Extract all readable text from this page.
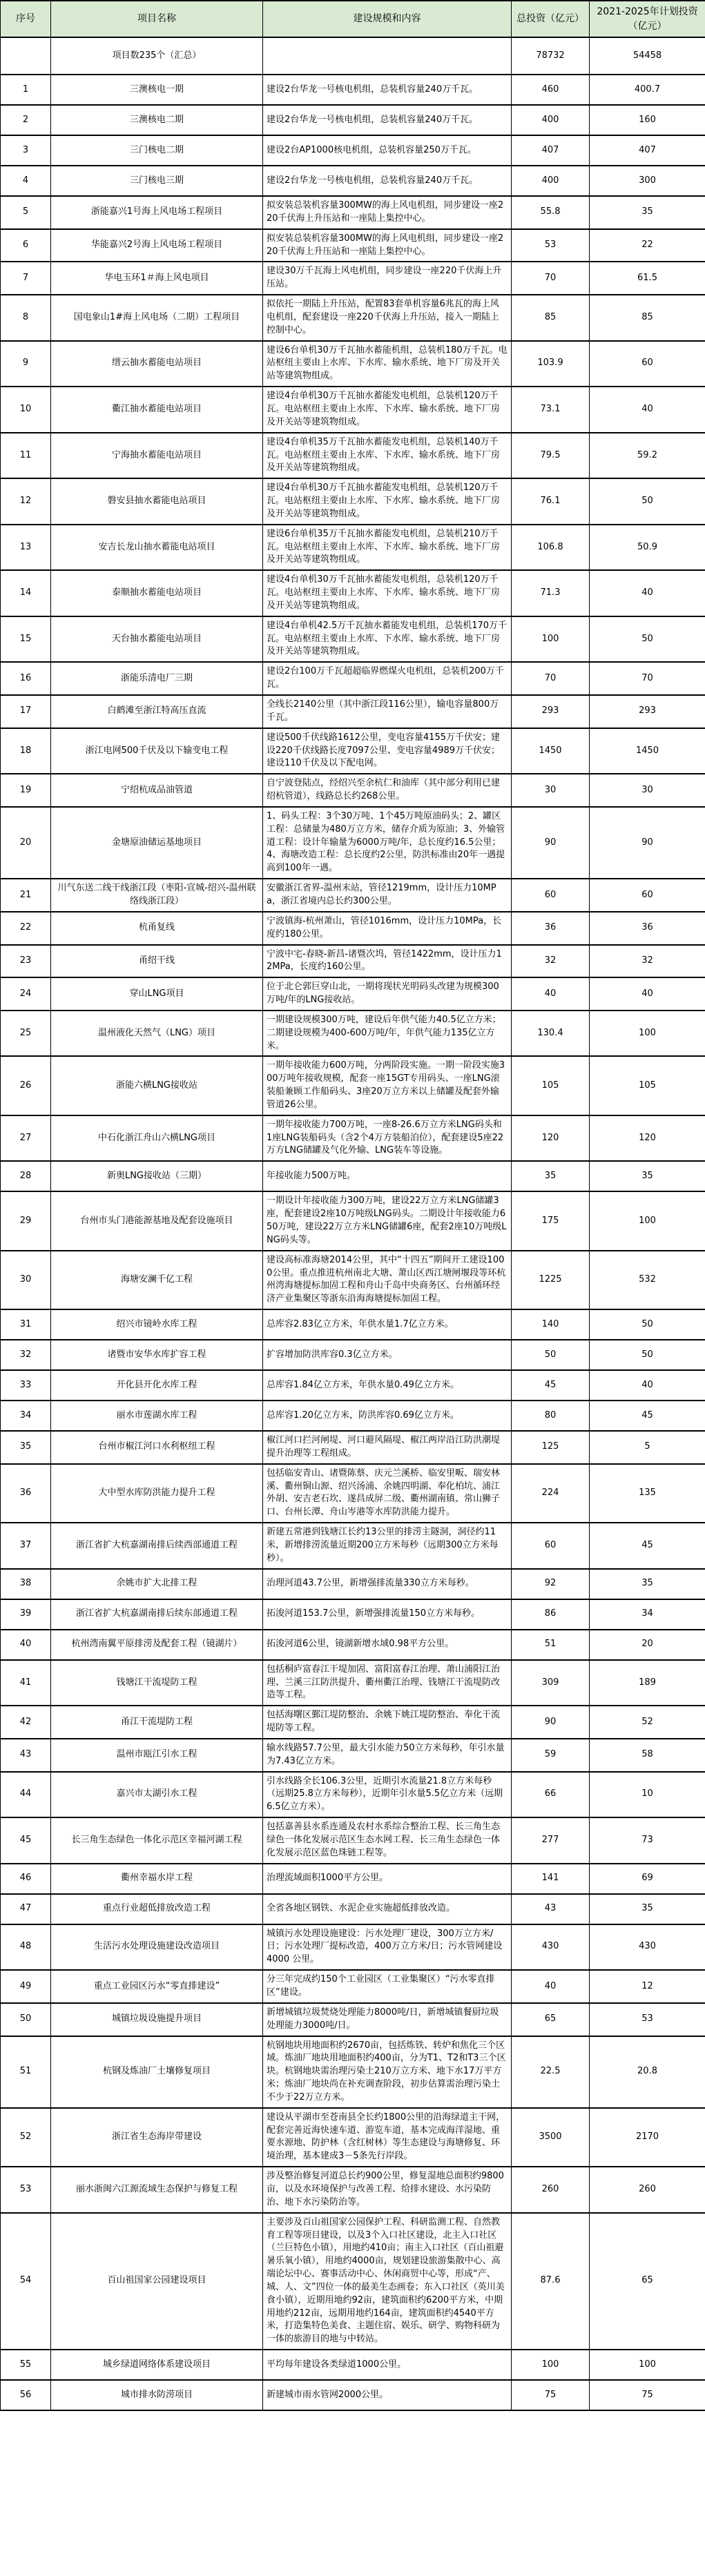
序号	项目名称	建设规模和内容	总投资（亿元）	2021-2025年计划投资（亿元）
	项目数235个（汇总）		78732	54458
1	三澳核电一期	建设2台华龙一号核电机组，总装机容量240万千瓦。	460	400.7
2	三澳核电二期	建设2台华龙一号核电机组，总装机容量240万千瓦。	400	160
3	三门核电二期	建设2台AP1000核电机组，总装机容量250万千瓦。	407	407
4	三门核电三期	建设2台华龙一号核电机组，总装机容量240万千瓦。	400	300
5	浙能嘉兴1号海上风电场工程项目	拟安装总装机容量300MW的海上风电机组，同步建设一座220千伏海上升压站和一座陆上集控中心。	55.8	35
6	华能嘉兴2号海上风电场工程项目	拟安装总装机容量300MW的海上风电机组，同步建设一座220千伏海上升压站和一座陆上集控中心。	53	22
7	华电玉环1＃海上风电项目	建设30万千瓦海上风电机组，同步建设一座220千伏海上升压站。	70	61.5
8	国电象山1#海上风电场（二期）工程项目	拟依托一期陆上升压站，配置83套单机容量6兆瓦的海上风电机组，配套建设一座220千伏海上升压站，接入一期陆上控制中心。	85	85
9	缙云抽水蓄能电站项目	建设6台单机30万千瓦抽水蓄能机组，总装机180万千瓦。电站枢纽主要由上水库、下水库、输水系统、地下厂房及开关站等建筑物组成。	103.9	60
10	衢江抽水蓄能电站项目	建设4台单机30万千瓦抽水蓄能发电机组，总装机120万千瓦。电站枢纽主要由上水库、下水库、输水系统、地下厂房及开关站等建筑物组成。	73.1	40
11	宁海抽水蓄能电站项目	建设4台单机35万千瓦抽水蓄能发电机组，总装机140万千瓦。电站枢纽主要由上水库、下水库、输水系统、地下厂房及开关站等建筑物组成。	79.5	59.2
12	磐安县抽水蓄能电站项目	建设4台单机30万千瓦抽水蓄能发电机组，总装机120万千瓦。电站枢纽主要由上水库、下水库、输水系统、地下厂房及开关站等建筑物组成。	76.1	50
13	安吉长龙山抽水蓄能电站项目	建设6台单机35万千瓦抽水蓄能发电机组，总装机210万千瓦。电站枢纽主要由上水库、下水库、输水系统、地下厂房及开关站等建筑物组成。	106.8	50.9
14	泰顺抽水蓄能电站项目	建设4台单机30万千瓦抽水蓄能发电机组，总装机120万千瓦。电站枢纽主要由上水库、下水库、输水系统、地下厂房及开关站等建筑物组成。	71.3	40
15	天台抽水蓄能电站项目	建设4台单机42.5万千瓦抽水蓄能发电机组，总装机170万千瓦。电站枢纽主要由上水库、下水库、输水系统、地下厂房及开关站等建筑物组成。	100	50
16	浙能乐清电厂三期	建设2台100万千瓦超超临界燃煤火电机组，总装机200万千瓦。	70	70
17	白鹤滩至浙江特高压直流	全线长2140公里（其中浙江段116公里），输电容量800万千瓦。	293	293
18	浙江电网500千伏及以下输变电工程	建设500千伏线路1612公里，变电容量4155万千伏安；建设220千伏线路长度7097公里、变电容量4989万千伏安；建设110千伏及以下配电网。	1450	1450
19	宁绍杭成品油管道	自宁波登陆点，经绍兴至余杭仁和油库（其中部分利用已建绍杭管道），线路总长约268公里。	30	30
20	金塘原油储运基地项目	1、码头工程：3个30万吨、1个45万吨原油码头；2、罐区工程：总储量为480万立方米，储存介质为原油；3、外输管道工程：设计年输量为6000万吨/年，总长度约16.5公里；4、海塘改造工程：总长度约2公里，防洪标准由20年一遇提高到100年一遇。	90	90
21	川气东送二线干线浙江段（枣阳-宣城-绍兴-温州联络线浙江段）	安徽浙江省界-温州末站，管径1219mm，设计压力10MPa，浙江省境内总长约300公里。	60	60
22	杭甬复线	宁波镇海-杭州萧山，管径1016mm，设计压力10MPa，长度约180公里。	36	36
23	甬绍干线	宁波中宅-春晓-新昌-诸暨次坞，管径1422mm，设计压力12MPa，长度约160公里。	32	32
24	穿山LNG项目	位于北仑郭巨穿山北，一期将现状光明码头改建为规模300万吨/年的LNG接收站。	40	40
25	温州液化天然气（LNG）项目	一期建设规模300万吨，建设后年供气能力40.5亿立方米；二期建设规模为400-600万吨/年，年供气能力135亿立方米。	130.4	100
26	浙能六横LNG接收站	一期年接收能力600万吨，分两阶段实施。一期一阶段实施300万吨年接收规模，配套一座15GT专用码头、一座LNG滚装船兼顾工作船码头、3座20万立方米以上储罐及配套外输管道26公里。	105	105
27	中石化浙江舟山六横LNG项目	一期年接收能力700万吨，一座8-26.6万立方米LNG码头和1座LNG装船码头（含2个4万方装船泊位），配套建设5座22万方LNG储罐及气化外输、LNG装车等设施。	120	120
28	新奥LNG接收站（三期）	年接收能力500万吨。	35	35
29	台州市头门港能源基地及配套设施项目	一期设计年接收能力300万吨，建设22万立方米LNG储罐3座，配套建设2座10万吨级LNG码头。二期设计年接收能力650万吨，建设22万立方米LNG储罐6座，配套2座10万吨级LNG码头等。	175	100
30	海塘安澜千亿工程	建设高标准海塘2014公里，其中“十四五”期间开工建设1000公里。重点推进杭州南北大塘、萧山区西江塘闸堰段等环杭州湾海塘提标加固工程和舟山千岛中央商务区、台州循环经济产业集聚区等浙东沿海海塘提标加固工程。	1225	532
31	绍兴市镜岭水库工程	总库容2.83亿立方米，年供水量1.7亿立方米。	140	50
32	诸暨市安华水库扩容工程	扩容增加防洪库容0.3亿立方米。	50	50
33	开化县开化水库工程	总库容1.84亿立方米，年供水量0.49亿立方米。	45	40
34	丽水市莲湖水库工程	总库容1.20亿立方米，防洪库容0.69亿立方米。	80	45
35	台州市椒江河口水利枢纽工程	椒江河口拦河闸堤、河口避风隔堤、椒江两岸沿江防洪潮堤提升治理等工程组成。	125	5
36	大中型水库防洪能力提升工程	包括临安青山、诸暨陈蔡、庆元兰溪桥、临安里畈、瑞安林溪、衢州铜山源、绍兴汤浦、余姚四明湖、奉化柏坑、浦江外胡、安吉老石坎、遂昌成屏二级、衢州湖南镇、常山狮子口、台州长潭、舟山岑港等水库防洪能力提升。	224	135
37	浙江省扩大杭嘉湖南排后续西部通道工程	新建五常港到钱塘江长约13公里的排涝主隧洞，洞径约11米，新增排涝流量近期200立方米每秒（远期300立方米每秒）。	60	45
38	余姚市扩大北排工程	治理河道43.7公里，新增强排流量330立方米每秒。	92	35
39	浙江省扩大杭嘉湖南排后续东部通道工程	拓浚河道153.7公里，新增强排流量150立方米每秒。	86	34
40	杭州湾南翼平原排涝及配套工程（镜湖片）	拓浚河道6公里，镜湖新增水域0.98平方公里。	51	20
41	钱塘江干流堤防工程	包括桐庐富春江干堤加固、富阳富春江治理、萧山浦阳江治理、兰溪三江防洪提升、衢州衢江治理、钱塘江干流堤防改造等工程。	309	189
42	甬江干流堤防工程	包括海曙区鄞江堤防整治、余姚下姚江堤防整治、奉化干流堤防等工程。	90	52
43	温州市瓯江引水工程	输水线路57.7公里，最大引水能力50立方米每秒，年引水量为7.43亿立方米。	59	58
44	嘉兴市太湖引水工程	引水线路全长106.3公里，近期引水流量21.8立方米每秒（远期25.8立方米每秒），近期年引水量5.5亿立方米（远期6.5亿立方米）。	66	10
45	长三角生态绿色一体化示范区幸福河湖工程	包括嘉善县水系连通及农村水系综合整治工程、长三角生态绿色一体化发展示范区生态水网工程、长三角生态绿色一体化发展示范区蓝色珠链工程等。	277	73
46	衢州幸福水岸工程	治理流域面积1000平方公里。	141	69
47	重点行业超低排放改造工程	全省各地区钢铁、水泥企业实施超低排放改造。	43	35
48	生活污水处理设施建设改造项目	城镇污水处理设施建设：污水处理厂建设，300万立方米/日；污水处理厂提标改造，400万立方米/日；污水管网建设4000 公里。	430	430
49	重点工业园区污水“零直排建设”	分三年完成约150个工业园区（工业集聚区）“污水零直排区”建设。	40	12
50	城镇垃圾设施提升项目	新增城镇垃圾焚烧处理能力8000吨/日，新增城镇餐厨垃圾处理能力3000吨/日。	65	53
51	杭钢及炼油厂土壤修复项目	杭钢地块用地面积约2670亩，包括炼铁、转炉和焦化三个区域。炼油厂地块用地面积约400亩，分为T1、T2和T3三个区块。杭钢地块需治理污染土210万立方米、地下水17万平方米；炼油厂地块尚在补充调查阶段，初步估算需治理污染土不少于22万立方米。	22.5	20.8
52	浙江省生态海岸带建设	建设从平湖市至苍南县全长约1800公里的沿海绿道主干网，配套完善近海快速车道、游览车道，基本完成海洋湿地、重要水源地、防护林（含红树林）等生态建设与海塘修复、环境治理，基本建成3－5条先行岸段。	3500	2170
53	丽水浙闽六江源流域生态保护与修复工程	涉及整治修复河道总长约900公里，修复湿地总面积约9800亩，以及水环境保护与改善工程、给排水建设、水污染防治、地下水污染防治等。	260	260
54	百山祖国家公园建设项目	主要涉及百山祖国家公园保护工程、科研监测工程、自然教育工程等项目建设，以及3个入口社区建设，北主入口社区（兰巨特色小镇），用地约410亩；南主入口社区（百山祖避暑乐氧小镇），用地约4000亩，规划建设旅游集散中心、高端论坛中心、赛事活动中心、休闲商贸中心等，形成“产、城、人、文”四位一体的最美生态画卷；东入口社区（英川美食小镇），近期用地约92亩，建筑面积约6200平方米，中期用地约212亩，远期用地约164亩，建筑面积约4540平方米，打造集特色美食、主题住宿、娱乐、研学、购物科研为一体的旅游目的地与中转站。	87.6	65
55	城乡绿道网络体系建设项目	平均每年建设各类绿道1000公里。	100	100
56	城市排水防涝项目	新建城市雨水管网2000公里。	75	75
